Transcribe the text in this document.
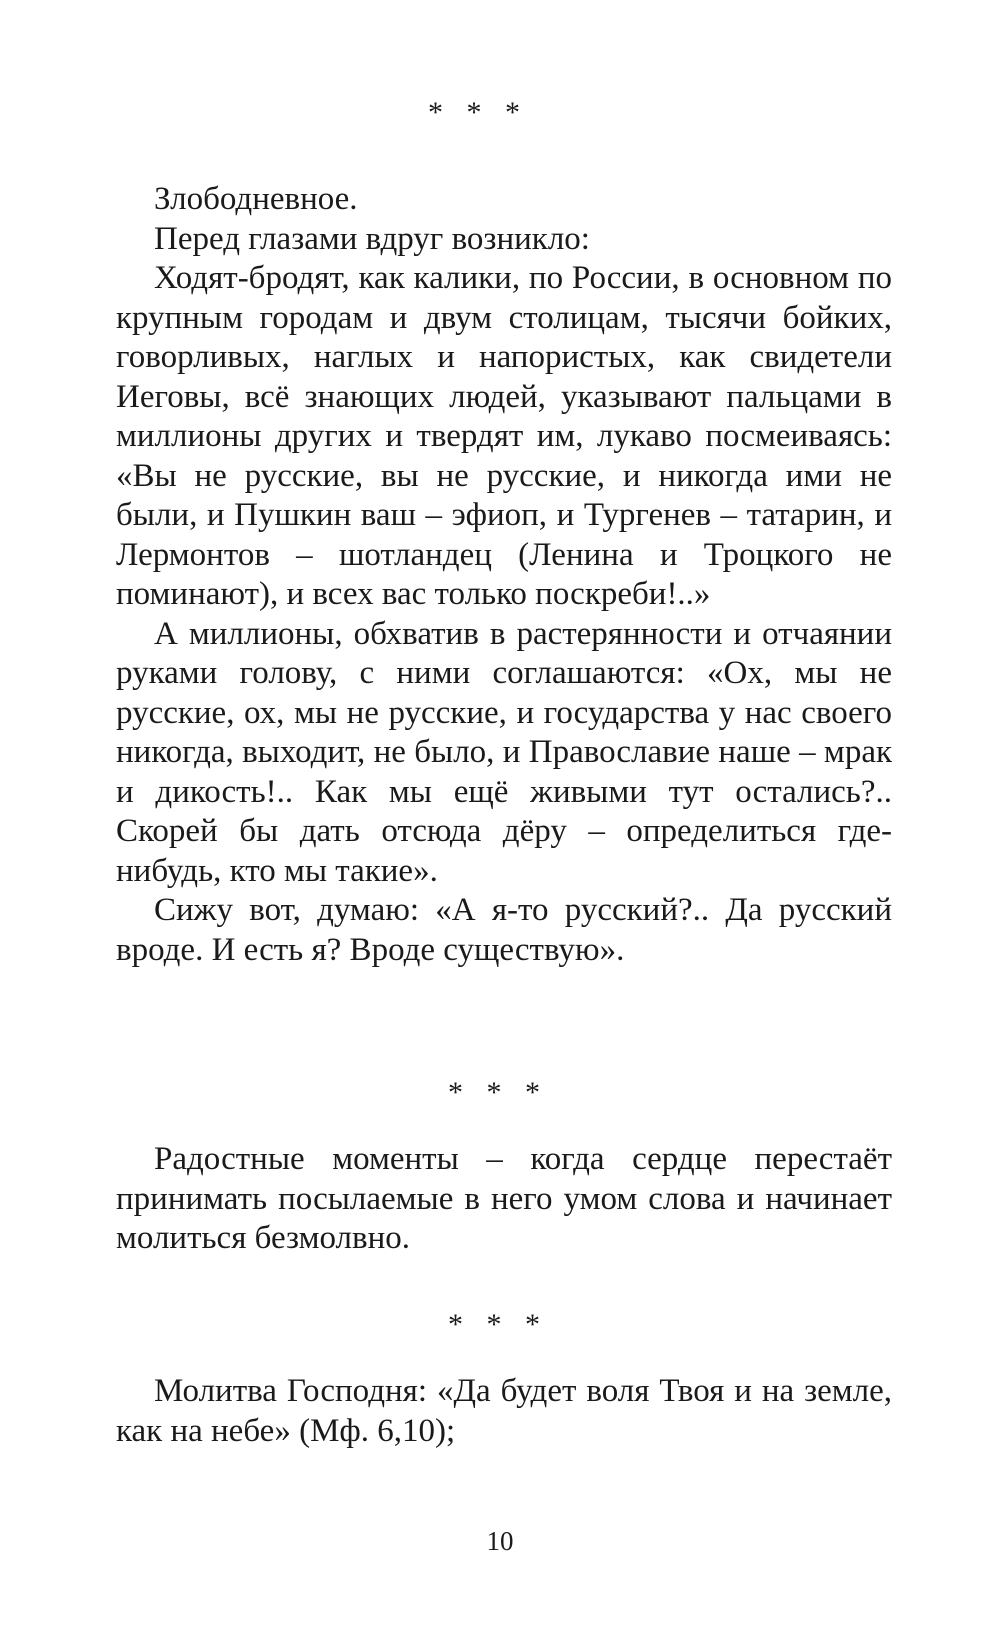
* * *

Злободневное.

Перед глазами вдруг возникло:

Ходят-бродят, как калики, по России, в основном по крупным городам и двум столицам, тысячи бойких, говорливых, наглых и напористых, как свидетели Иеговы, всё знающих людей, указывают пальцами в миллионы других и твердят им, лукаво посмеиваясь: «Вы не русские, вы не русские, и никогда ими не были, и Пушкин ваш – эфиоп, и Тургенев – татарин, и Лермонтов – шотландец (Ленина и Троцкого не поминают), и всех вас только поскреби!..»

А миллионы, обхватив в растерянности и отчаянии руками голову, с ними соглашаются: «Ох, мы не русские, ох, мы не русские, и государства у нас своего никогда, выходит, не было, и Православие наше – мрак и дикость!.. Как мы ещё живыми тут остались?.. Скорей бы дать отсюда дёру – определиться где-нибудь, кто мы такие».

Сижу вот, думаю: «А я-то русский?.. Да русский вроде. И есть я? Вроде существую».

* * *

Радостные моменты – когда сердце перестаёт принимать посылаемые в него умом слова и начинает молиться безмолвно.

* * *

Молитва Господня: «Да будет воля Твоя и на земле, как на небе» (Мф. 6,10);

10
